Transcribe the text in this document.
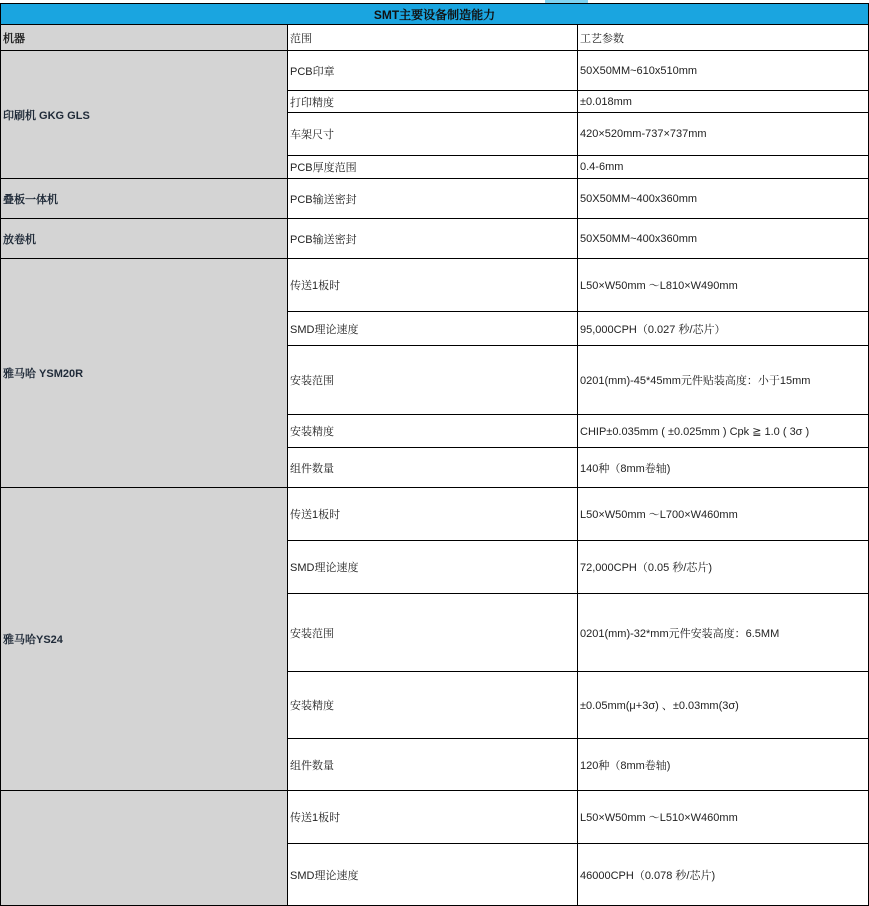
SMT主要设备制造能力		
机器	范围	工艺参数
印刷机 GKG GLS	PCB印章	50X50MM~610x510mm
	打印精度	±0.018mm
	车架尺寸	420×520mm-737×737mm
	PCB厚度范围	0.4-6mm
叠板一体机	PCB输送密封	50X50MM~400x360mm
放卷机	PCB输送密封	50X50MM~400x360mm
雅马哈 YSM20R	传送1板时	L50×W50mm ～L810×W490mm
	SMD理论速度	95,000CPH（0.027 秒/芯片）
	安装范围	0201(mm)-45*45mm元件贴装高度：小于15mm
	安装精度	CHIP±0.035mm ( ±0.025mm ) Cpk ≧ 1.0 ( 3σ )
	组件数量	140种（8mm卷轴)
雅马哈YS24	传送1板时	L50×W50mm ～L700×W460mm
	SMD理论速度	72,000CPH（0.05 秒/芯片)
	安装范围	0201(mm)-32*mm元件安装高度：6.5MM
	安装精度	±0.05mm(μ+3σ) 、±0.03mm(3σ)
	组件数量	120种（8mm卷轴)
	传送1板时	L50×W50mm ～L510×W460mm
	SMD理论速度	46000CPH（0.078 秒/芯片)
